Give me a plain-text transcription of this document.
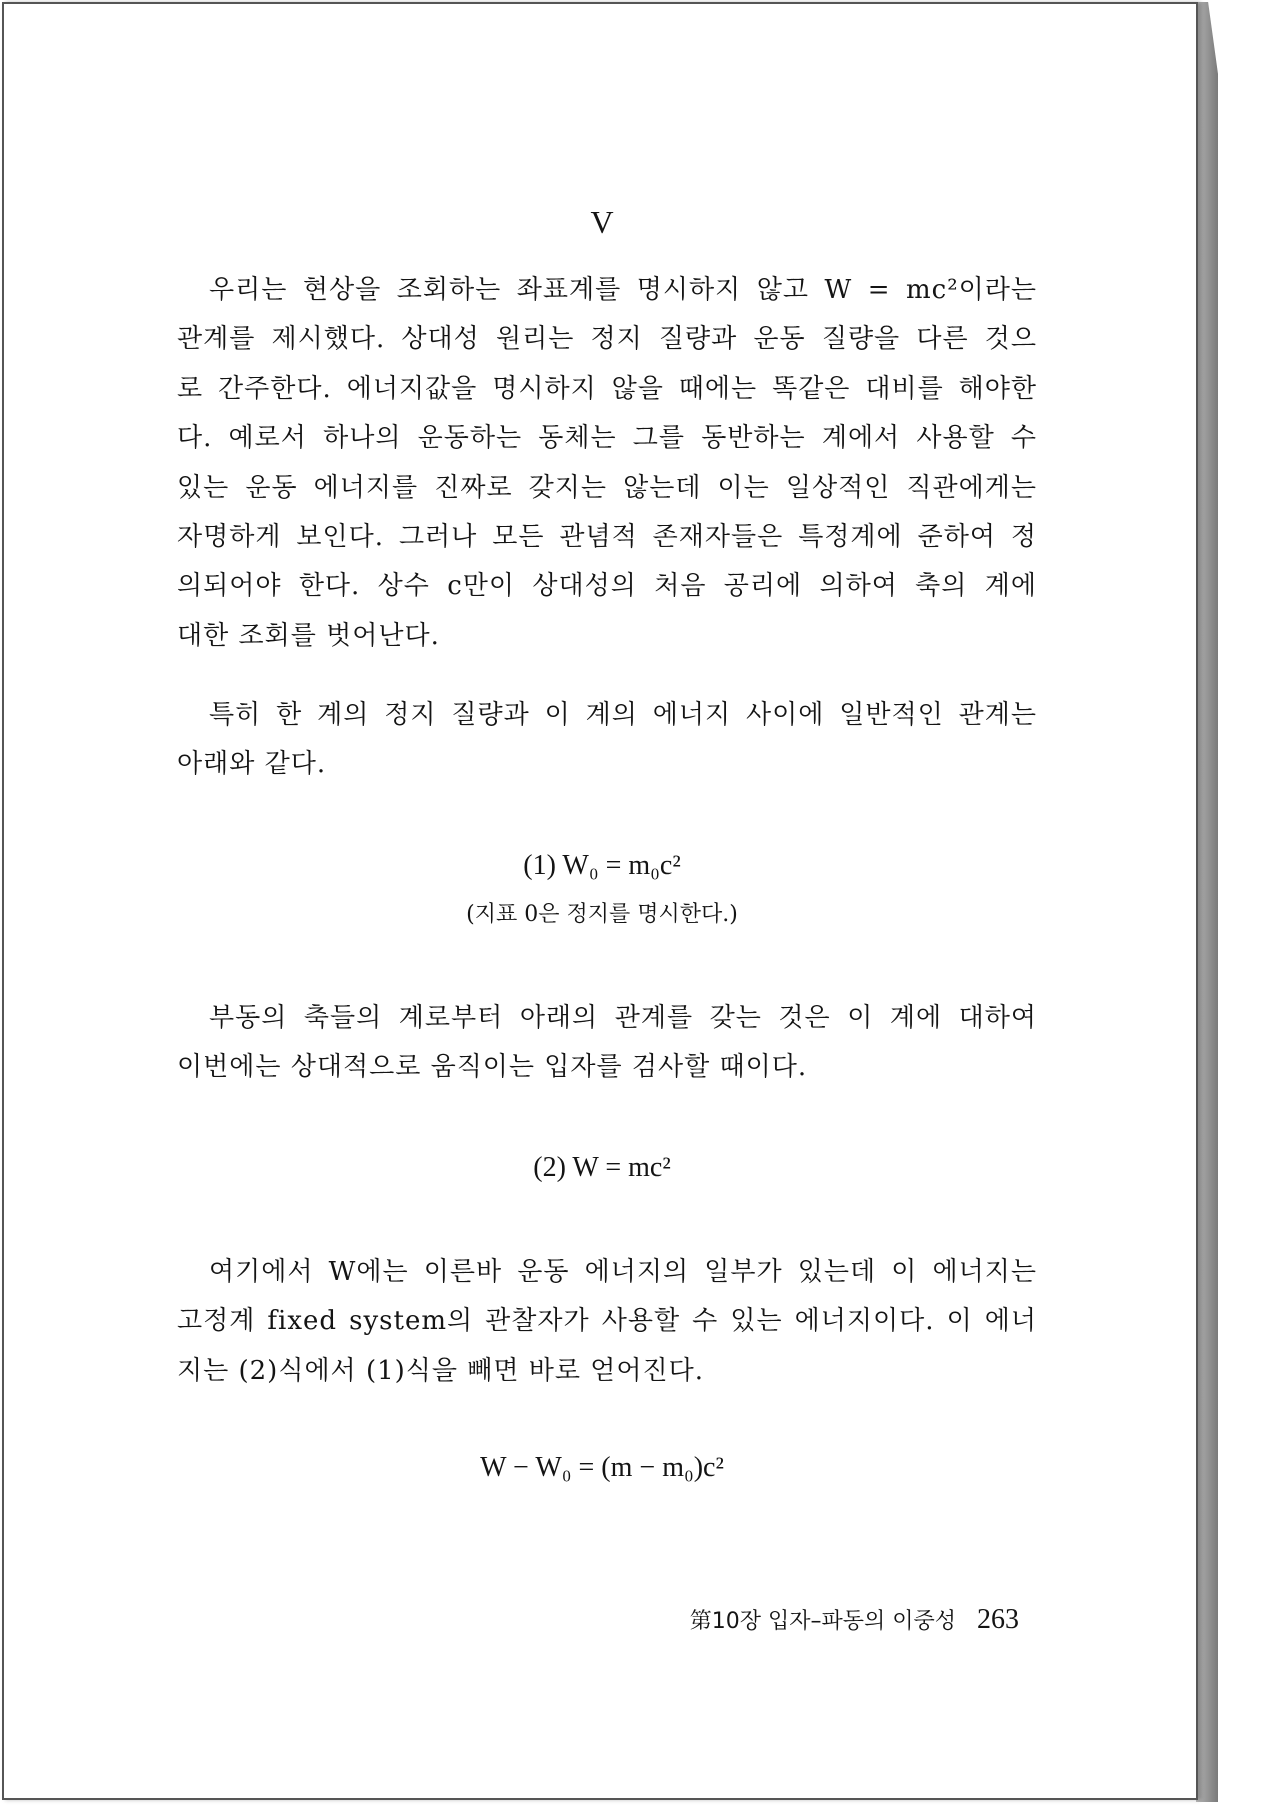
V
우리는 현상을 조회하는 좌표계를 명시하지 않고 W = mc²이라는
관계를 제시했다. 상대성 원리는 정지 질량과 운동 질량을 다른 것으
로 간주한다. 에너지값을 명시하지 않을 때에는 똑같은 대비를 해야한
다. 예로서 하나의 운동하는 동체는 그를 동반하는 계에서 사용할 수
있는 운동 에너지를 진짜로 갖지는 않는데 이는 일상적인 직관에게는
자명하게 보인다. 그러나 모든 관념적 존재자들은 특정계에 준하여 정
의되어야 한다. 상수 c만이 상대성의 처음 공리에 의하여 축의 계에
대한 조회를 벗어난다.
특히 한 계의 정지 질량과 이 계의 에너지 사이에 일반적인 관계는
아래와 같다.
(1) W₀ = m₀c²
(지표 0은 정지를 명시한다.)
부동의 축들의 계로부터 아래의 관계를 갖는 것은 이 계에 대하여
이번에는 상대적으로 움직이는 입자를 검사할 때이다.
(2) W = mc²
여기에서 W에는 이른바 운동 에너지의 일부가 있는데 이 에너지는
고정계 fixed system의 관찰자가 사용할 수 있는 에너지이다. 이 에너
지는 (2)식에서 (1)식을 빼면 바로 얻어진다.
W − W₀ = (m − m₀)c²
第10장 입자–파동의 이중성 263
